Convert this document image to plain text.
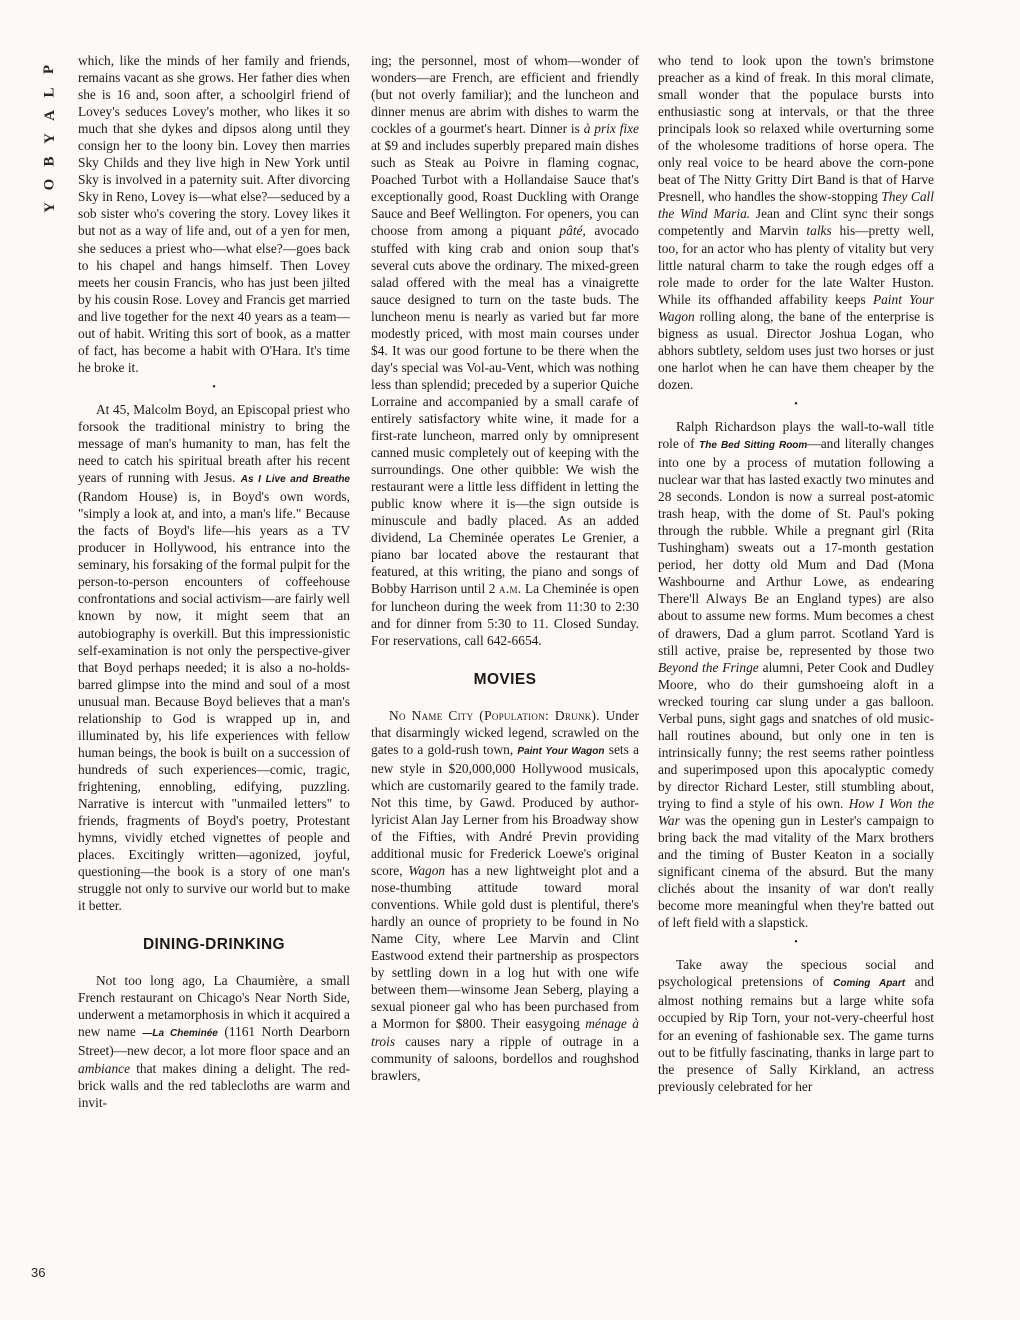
P
L
A
Y
B
O
Y
36

which, like the minds of her family and friends, remains vacant as she grows. Her father dies when she is 16 and, soon after, a schoolgirl friend of Lovey's seduces Lovey's mother, who likes it so much that she dykes and dipsos along until they consign her to the loony bin. Lovey then marries Sky Childs and they live high in New York until Sky is involved in a paternity suit. After divorcing Sky in Reno, Lovey is—what else?—seduced by a sob sister who's covering the story. Lovey likes it but not as a way of life and, out of a yen for men, she seduces a priest who—what else?—goes back to his chapel and hangs himself. Then Lovey meets her cousin Francis, who has just been jilted by his cousin Rose. Lovey and Francis get married and live together for the next 40 years as a team—out of habit. Writing this sort of book, as a matter of fact, has become a habit with O'Hara. It's time he broke it.

•

At 45, Malcolm Boyd, an Episcopal priest who forsook the traditional ministry to bring the message of man's humanity to man, has felt the need to catch his spiritual breath after his recent years of running with Jesus. As I Live and Breathe (Random House) is, in Boyd's own words, "simply a look at, and into, a man's life." Because the facts of Boyd's life—his years as a TV producer in Hollywood, his entrance into the seminary, his forsaking of the formal pulpit for the person-to-person encounters of coffeehouse confrontations and social activism—are fairly well known by now, it might seem that an autobiography is overkill. But this impressionistic self-examination is not only the perspective-giver that Boyd perhaps needed; it is also a no-holds-barred glimpse into the mind and soul of a most unusual man. Because Boyd believes that a man's relationship to God is wrapped up in, and illuminated by, his life experiences with fellow human beings, the book is built on a succession of hundreds of such experiences—comic, tragic, frightening, ennobling, edifying, puzzling. Narrative is intercut with "unmailed letters" to friends, fragments of Boyd's poetry, Protestant hymns, vividly etched vignettes of people and places. Excitingly written—agonized, joyful, questioning—the book is a story of one man's struggle not only to survive our world but to make it better.

DINING-DRINKING

Not too long ago, La Chaumière, a small French restaurant on Chicago's Near North Side, underwent a metamorphosis in which it acquired a new name —La Cheminée (1161 North Dearborn Street)—new decor, a lot more floor space and an ambiance that makes dining a delight. The red-brick walls and the red tablecloths are warm and invit-

ing; the personnel, most of whom—wonder of wonders—are French, are efficient and friendly (but not overly familiar); and the luncheon and dinner menus are abrim with dishes to warm the cockles of a gourmet's heart. Dinner is à prix fixe at $9 and includes superbly prepared main dishes such as Steak au Poivre in flaming cognac, Poached Turbot with a Hollandaise Sauce that's exceptionally good, Roast Duckling with Orange Sauce and Beef Wellington. For openers, you can choose from among a piquant pâté, avocado stuffed with king crab and onion soup that's several cuts above the ordinary. The mixed-green salad offered with the meal has a vinaigrette sauce designed to turn on the taste buds. The luncheon menu is nearly as varied but far more modestly priced, with most main courses under $4. It was our good fortune to be there when the day's special was Vol-au-Vent, which was nothing less than splendid; preceded by a superior Quiche Lorraine and accompanied by a small carafe of entirely satisfactory white wine, it made for a first-rate luncheon, marred only by omnipresent canned music completely out of keeping with the surroundings. One other quibble: We wish the restaurant were a little less diffident in letting the public know where it is—the sign outside is minuscule and badly placed. As an added dividend, La Cheminée operates Le Grenier, a piano bar located above the restaurant that featured, at this writing, the piano and songs of Bobby Harrison until 2 a.m. La Cheminée is open for luncheon during the week from 11:30 to 2:30 and for dinner from 5:30 to 11. Closed Sunday. For reservations, call 642-6654.

MOVIES

No Name City (Population: Drunk). Under that disarmingly wicked legend, scrawled on the gates to a gold-rush town, Paint Your Wagon sets a new style in $20,000,000 Hollywood musicals, which are customarily geared to the family trade. Not this time, by Gawd. Produced by author-lyricist Alan Jay Lerner from his Broadway show of the Fifties, with André Previn providing additional music for Frederick Loewe's original score, Wagon has a new lightweight plot and a nose-thumbing attitude toward moral conventions. While gold dust is plentiful, there's hardly an ounce of propriety to be found in No Name City, where Lee Marvin and Clint Eastwood extend their partnership as prospectors by settling down in a log hut with one wife between them—winsome Jean Seberg, playing a sexual pioneer gal who has been purchased from a Mormon for $800. Their easygoing ménage à trois causes nary a ripple of outrage in a community of saloons, bordellos and roughshod brawlers,

who tend to look upon the town's brimstone preacher as a kind of freak. In this moral climate, small wonder that the populace bursts into enthusiastic song at intervals, or that the three principals look so relaxed while overturning some of the wholesome traditions of horse opera. The only real voice to be heard above the corn-pone beat of The Nitty Gritty Dirt Band is that of Harve Presnell, who handles the show-stopping They Call the Wind Maria. Jean and Clint sync their songs competently and Marvin talks his—pretty well, too, for an actor who has plenty of vitality but very little natural charm to take the rough edges off a role made to order for the late Walter Huston. While its offhanded affability keeps Paint Your Wagon rolling along, the bane of the enterprise is bigness as usual. Director Joshua Logan, who abhors subtlety, seldom uses just two horses or just one harlot when he can have them cheaper by the dozen.

•

Ralph Richardson plays the wall-to-wall title role of The Bed Sitting Room—and literally changes into one by a process of mutation following a nuclear war that has lasted exactly two minutes and 28 seconds. London is now a surreal post-atomic trash heap, with the dome of St. Paul's poking through the rubble. While a pregnant girl (Rita Tushingham) sweats out a 17-month gestation period, her dotty old Mum and Dad (Mona Washbourne and Arthur Lowe, as endearing There'll Always Be an England types) are also about to assume new forms. Mum becomes a chest of drawers, Dad a glum parrot. Scotland Yard is still active, praise be, represented by those two Beyond the Fringe alumni, Peter Cook and Dudley Moore, who do their gumshoeing aloft in a wrecked touring car slung under a gas balloon. Verbal puns, sight gags and snatches of old music-hall routines abound, but only one in ten is intrinsically funny; the rest seems rather pointless and superimposed upon this apocalyptic comedy by director Richard Lester, still stumbling about, trying to find a style of his own. How I Won the War was the opening gun in Lester's campaign to bring back the mad vitality of the Marx brothers and the timing of Buster Keaton in a socially significant cinema of the absurd. But the many clichés about the insanity of war don't really become more meaningful when they're batted out of left field with a slapstick.

•

Take away the specious social and psychological pretensions of Coming Apart and almost nothing remains but a large white sofa occupied by Rip Torn, your not-very-cheerful host for an evening of fashionable sex. The game turns out to be fitfully fascinating, thanks in large part to the presence of Sally Kirkland, an actress previously celebrated for her
